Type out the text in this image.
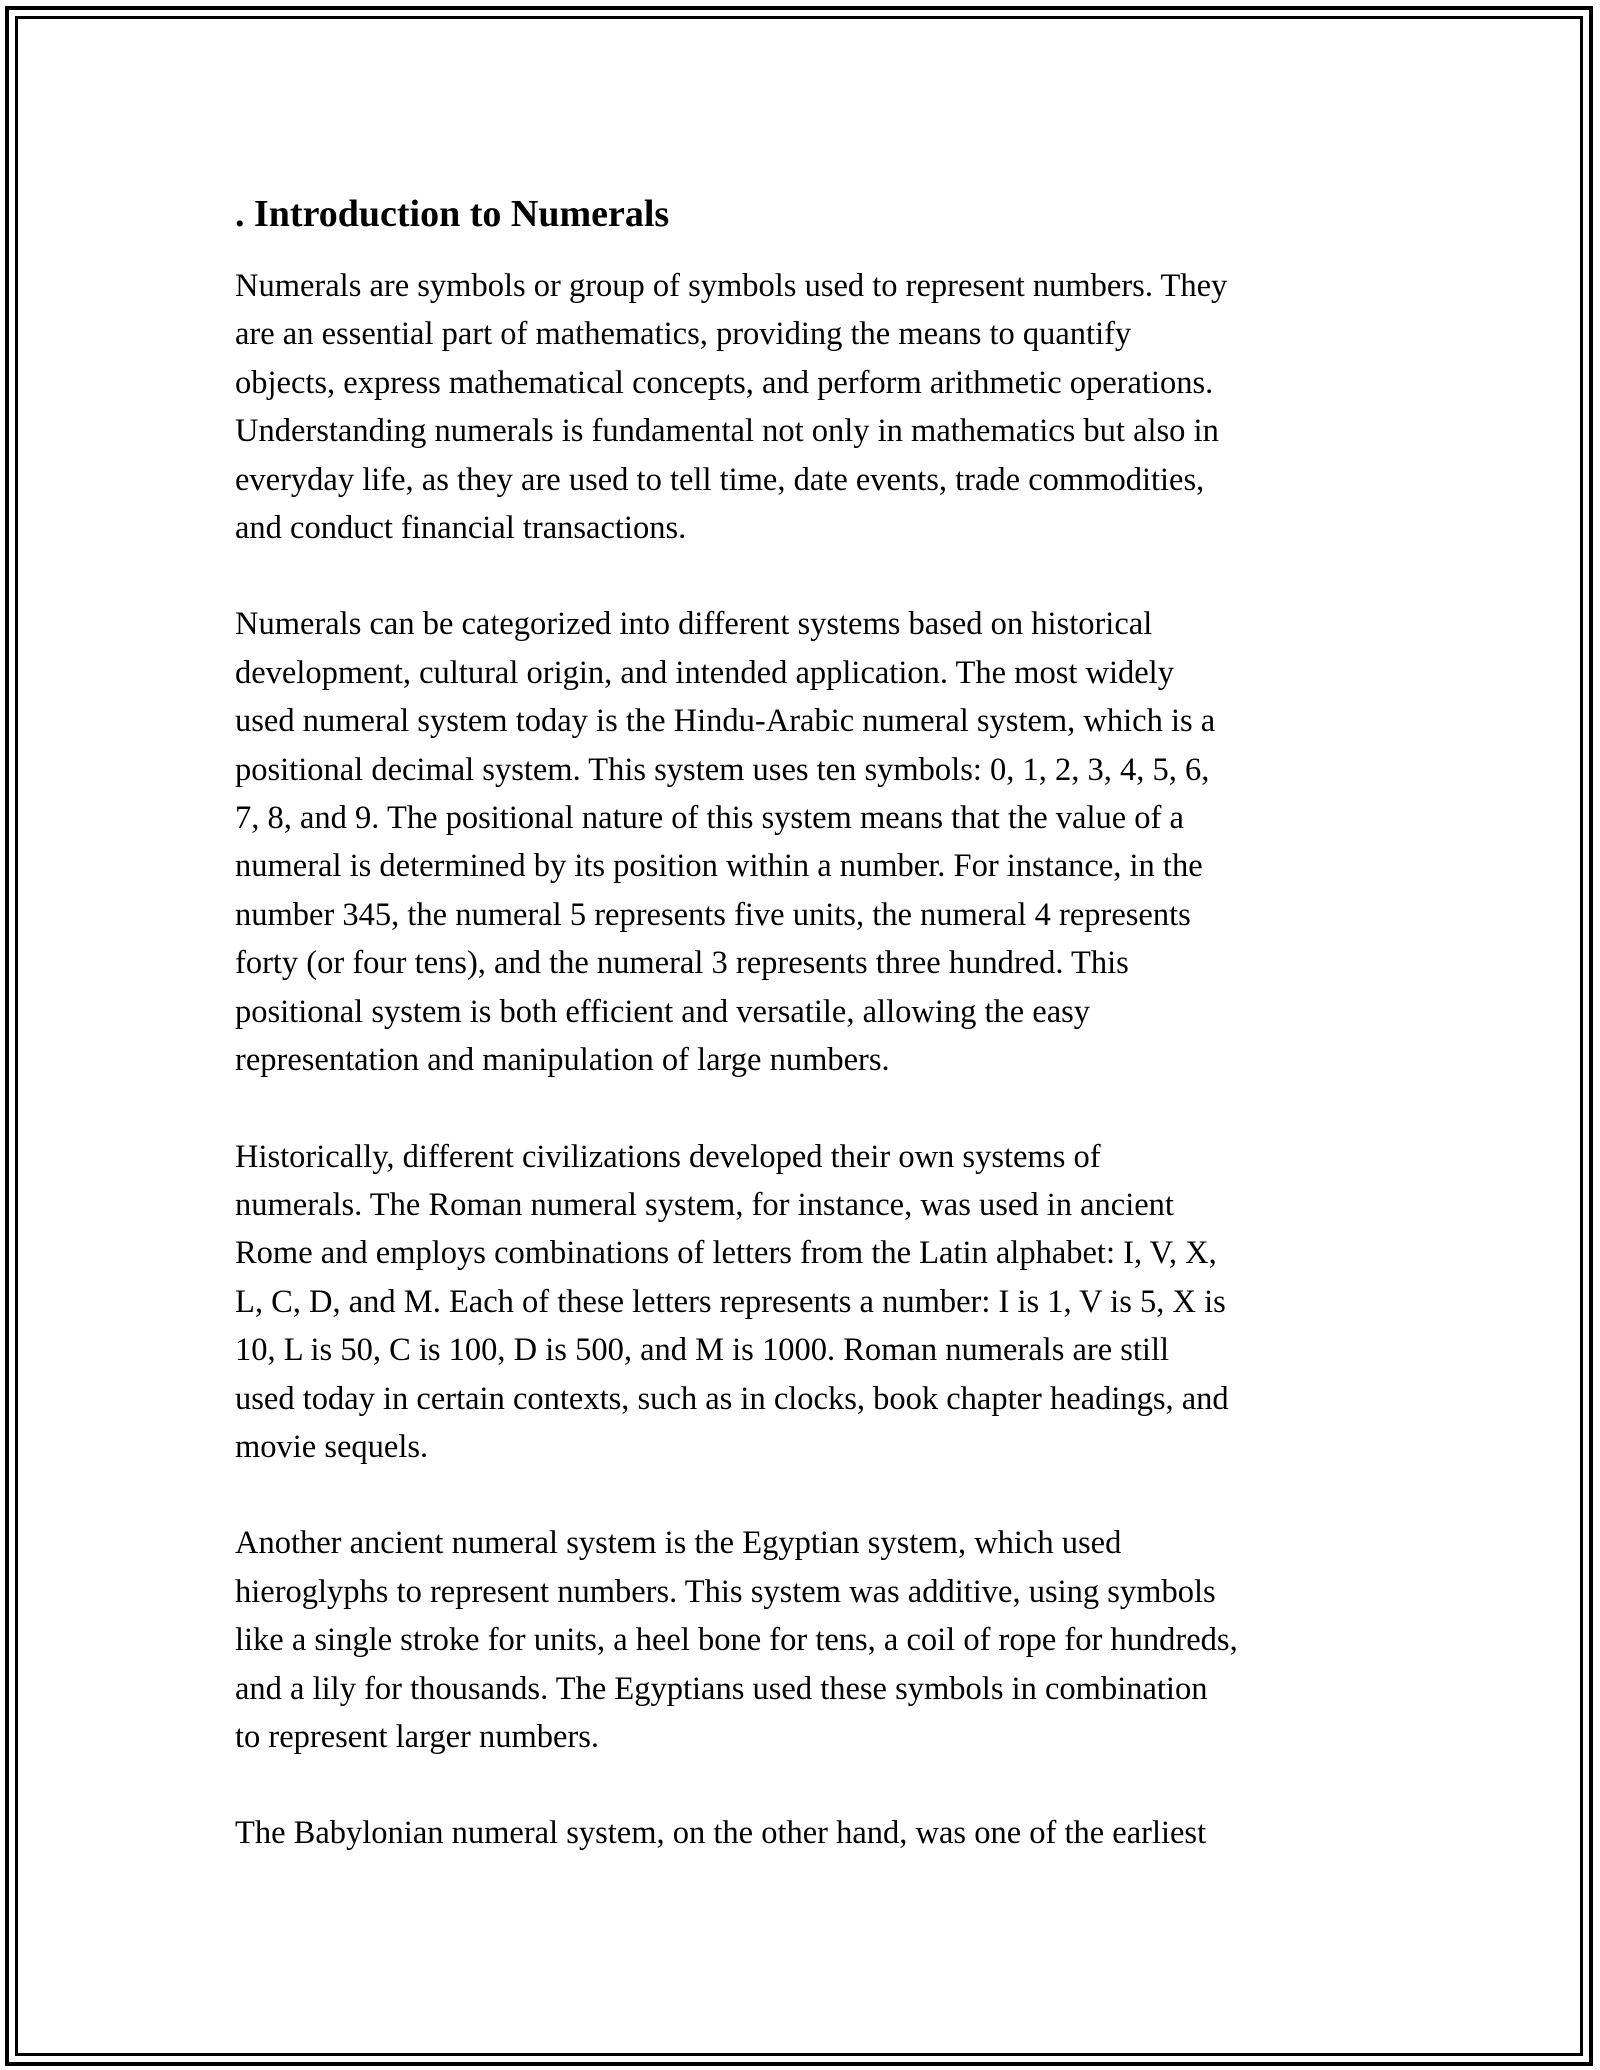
. Introduction to Numerals

Numerals are symbols or group of symbols used to represent numbers. They
are an essential part of mathematics, providing the means to quantify
objects, express mathematical concepts, and perform arithmetic operations.
Understanding numerals is fundamental not only in mathematics but also in
everyday life, as they are used to tell time, date events, trade commodities,
and conduct financial transactions.

Numerals can be categorized into different systems based on historical
development, cultural origin, and intended application. The most widely
used numeral system today is the Hindu-Arabic numeral system, which is a
positional decimal system. This system uses ten symbols: 0, 1, 2, 3, 4, 5, 6,
7, 8, and 9. The positional nature of this system means that the value of a
numeral is determined by its position within a number. For instance, in the
number 345, the numeral 5 represents five units, the numeral 4 represents
forty (or four tens), and the numeral 3 represents three hundred. This
positional system is both efficient and versatile, allowing the easy
representation and manipulation of large numbers.

Historically, different civilizations developed their own systems of
numerals. The Roman numeral system, for instance, was used in ancient
Rome and employs combinations of letters from the Latin alphabet: I, V, X,
L, C, D, and M. Each of these letters represents a number: I is 1, V is 5, X is
10, L is 50, C is 100, D is 500, and M is 1000. Roman numerals are still
used today in certain contexts, such as in clocks, book chapter headings, and
movie sequels.

Another ancient numeral system is the Egyptian system, which used
hieroglyphs to represent numbers. This system was additive, using symbols
like a single stroke for units, a heel bone for tens, a coil of rope for hundreds,
and a lily for thousands. The Egyptians used these symbols in combination
to represent larger numbers.

The Babylonian numeral system, on the other hand, was one of the earliest
